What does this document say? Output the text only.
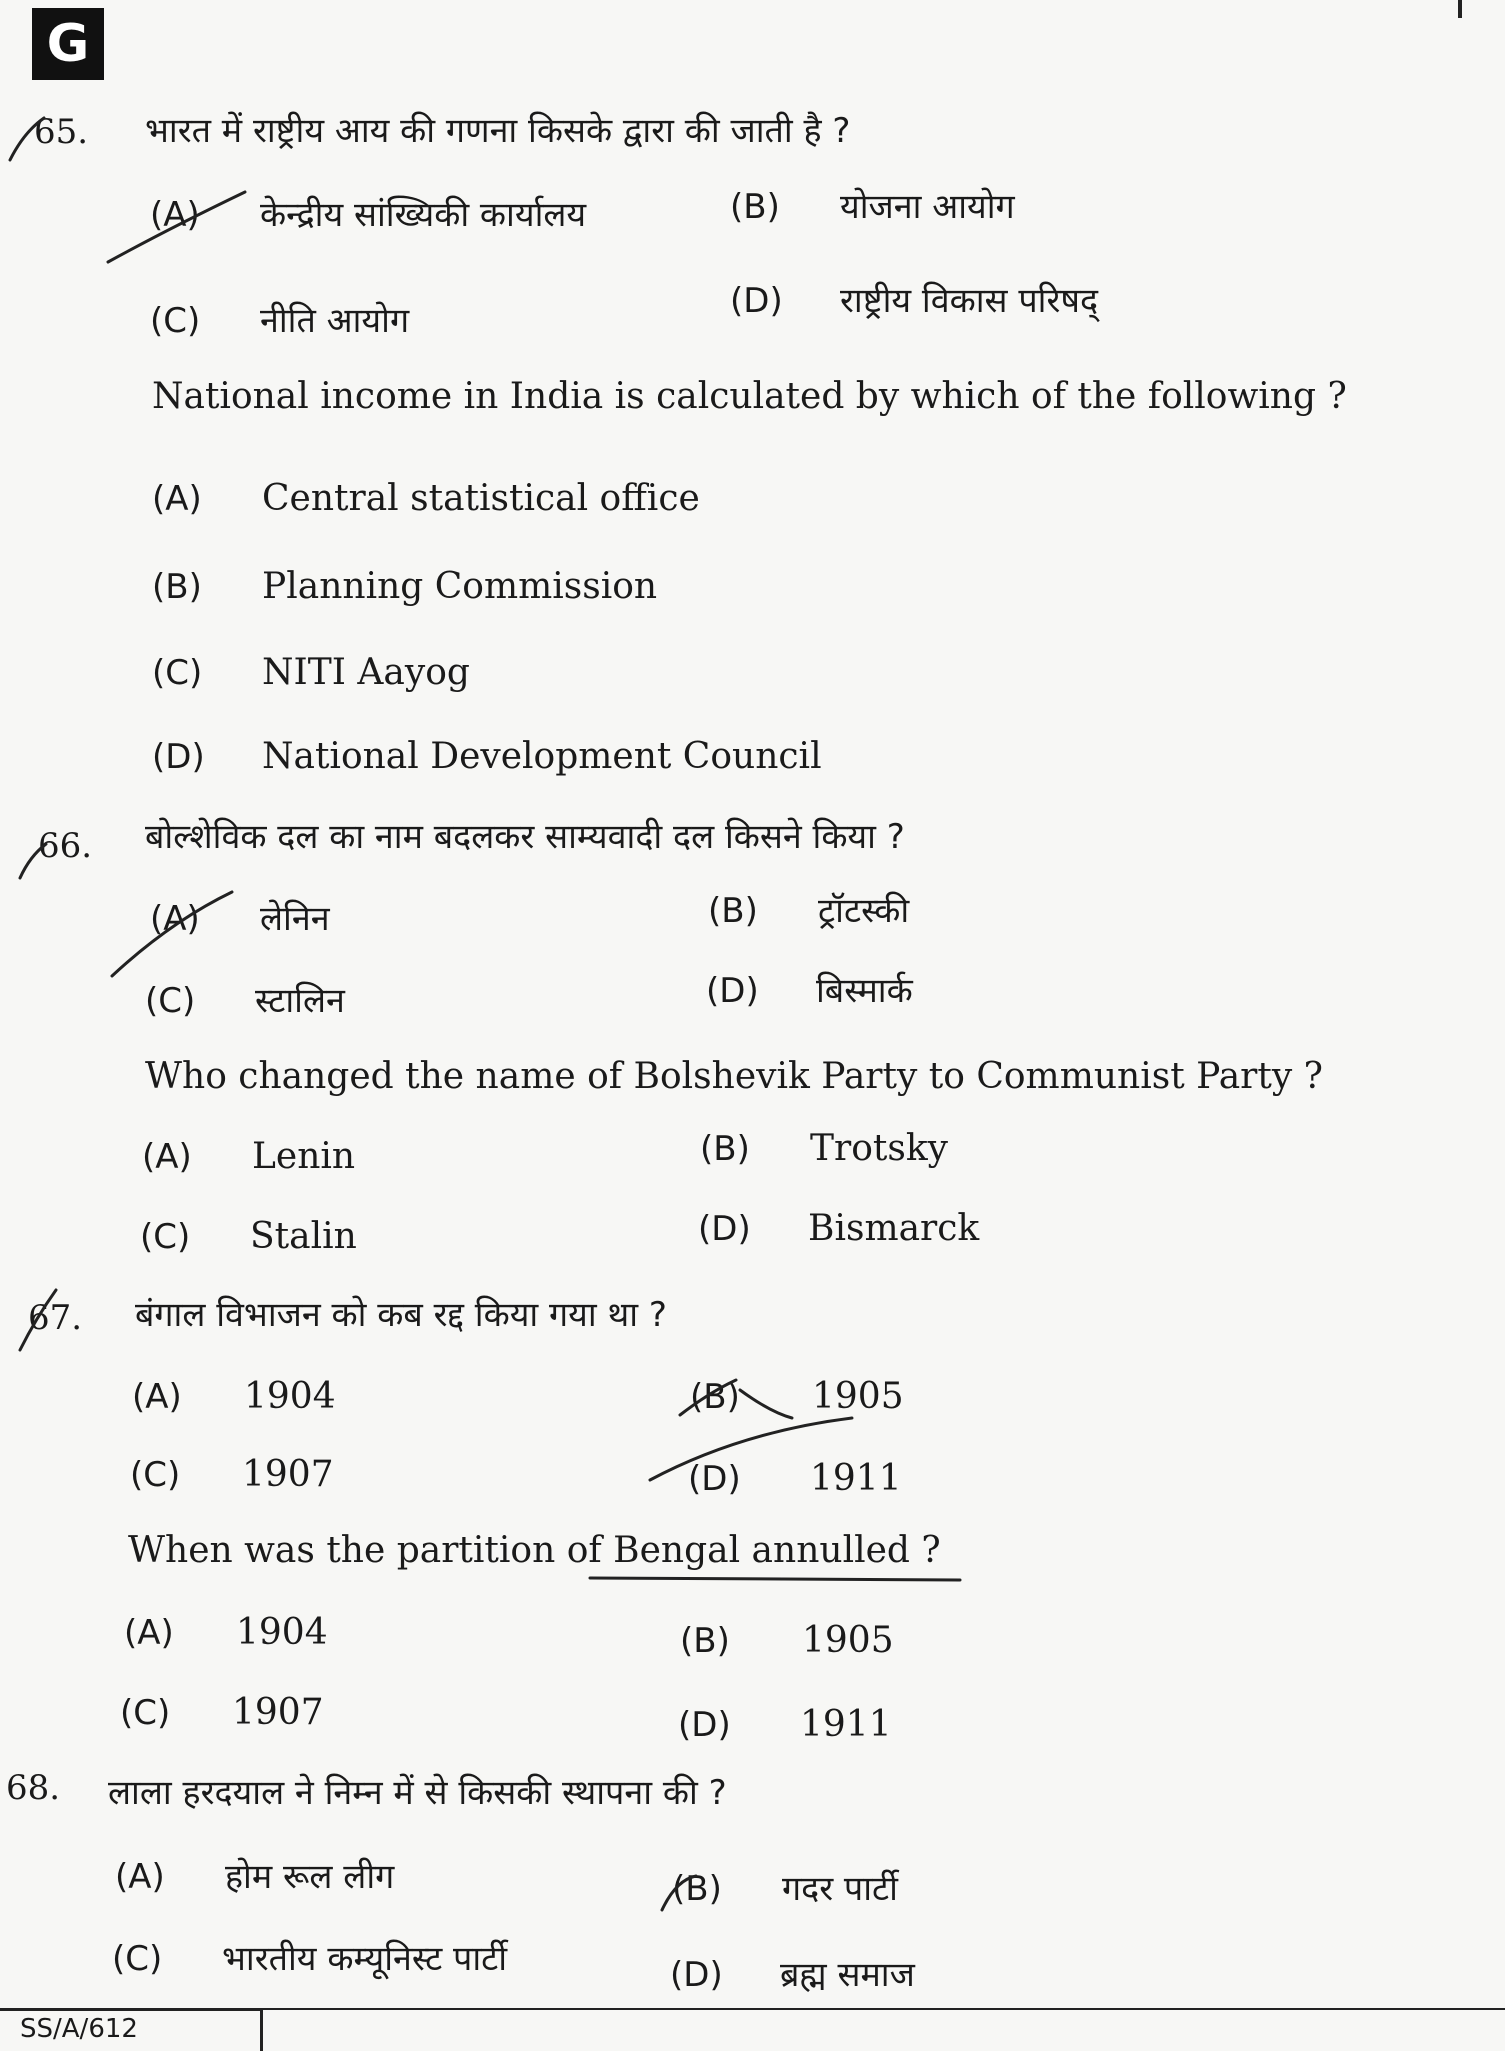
G
65. भारत में राष्ट्रीय आय की गणना किसके द्वारा की जाती है ?
(A) केन्द्रीय सांख्यिकी कार्यालय	(B) योजना आयोग
(C) नीति आयोग	(D) राष्ट्रीय विकास परिषद्
National income in India is calculated by which of the following ?
(A) Central statistical office
(B) Planning Commission
(C) NITI Aayog
(D) National Development Council
66. बोल्शेविक दल का नाम बदलकर साम्यवादी दल किसने किया ?
(A) लेनिन	(B) ट्रॉटस्की
(C) स्टालिन	(D) बिस्मार्क
Who changed the name of Bolshevik Party to Communist Party ?
(A) Lenin	(B) Trotsky
(C) Stalin	(D) Bismarck
67. बंगाल विभाजन को कब रद्द किया गया था ?
(A) 1904	(B) 1905
(C) 1907	(D) 1911
When was the partition of Bengal annulled ?
(A) 1904	(B) 1905
(C) 1907	(D) 1911
68. लाला हरदयाल ने निम्न में से किसकी स्थापना की ?
(A) होम रूल लीग	(B) गदर पार्टी
(C) भारतीय कम्यूनिस्ट पार्टी	(D) ब्रह्म समाज
SS/A/612
